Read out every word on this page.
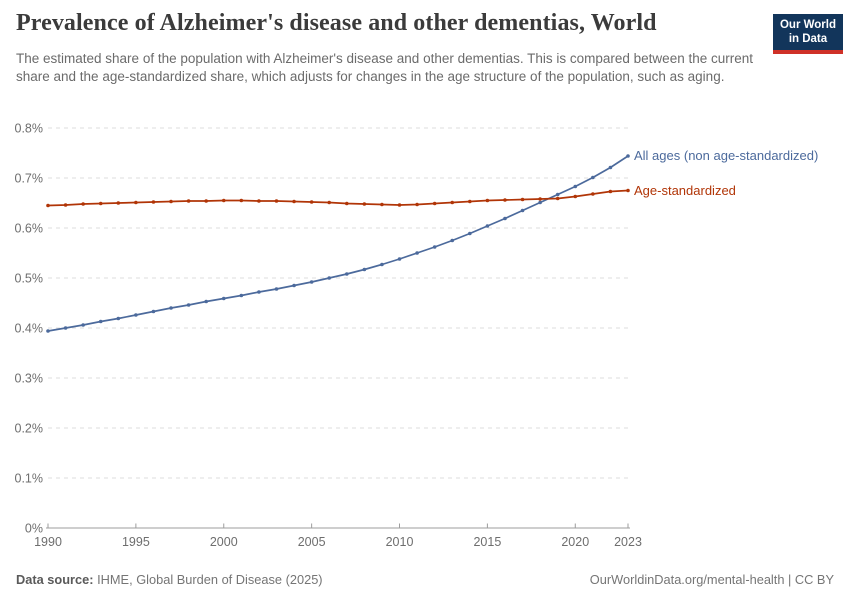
Prevalence of Alzheimer's disease and other dementias, World

The estimated share of the population with Alzheimer's disease and other dementias. This is compared between the current share and the age-standardized share, which adjusts for changes in the age structure of the population, such as aging.

Our World
in Data
0%
0.1%
0.2%
0.3%
0.4%
0.5%
0.6%
0.7%
0.8%
1990	1995	2000	2005	2010	2015	2020 2023
All ages (non age-standardized)
Age-standardized
Data source: IHME, Global Burden of Disease (2025)	OurWorldinData.org/mental-health | CC BY
